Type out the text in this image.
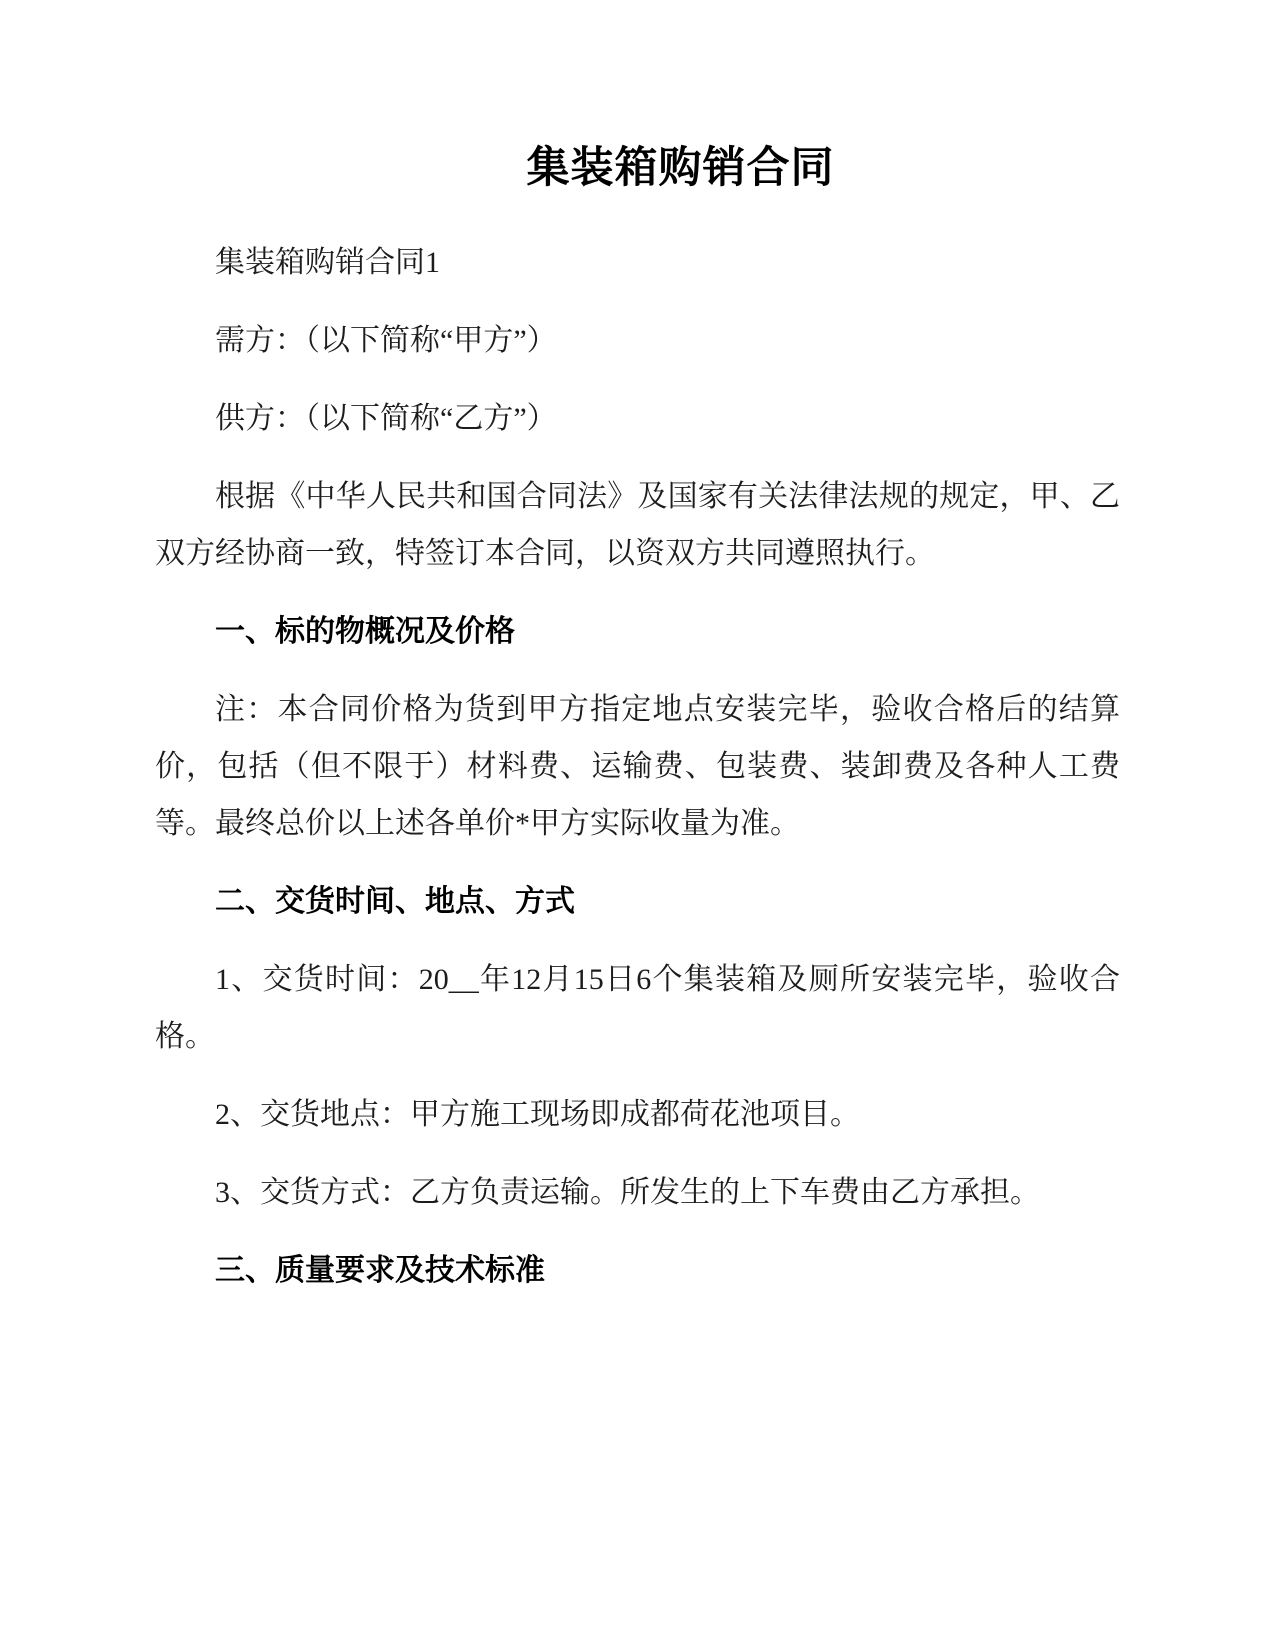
集装箱购销合同

集装箱购销合同1

需方：（以下简称“甲方”）

供方：（以下简称“乙方”）

根据《中华人民共和国合同法》及国家有关法律法规的规定，甲、乙双方经协商一致，特签订本合同，以资双方共同遵照执行。

一、标的物概况及价格

注：本合同价格为货到甲方指定地点安装完毕，验收合格后的结算价，包括（但不限于）材料费、运输费、包装费、装卸费及各种人工费等。最终总价以上述各单价*甲方实际收量为准。

二、交货时间、地点、方式

1、交货时间：20__年12月15日6个集装箱及厕所安装完毕，验收合格。

2、交货地点：甲方施工现场即成都荷花池项目。

3、交货方式：乙方负责运输。所发生的上下车费由乙方承担。

三、质量要求及技术标准
